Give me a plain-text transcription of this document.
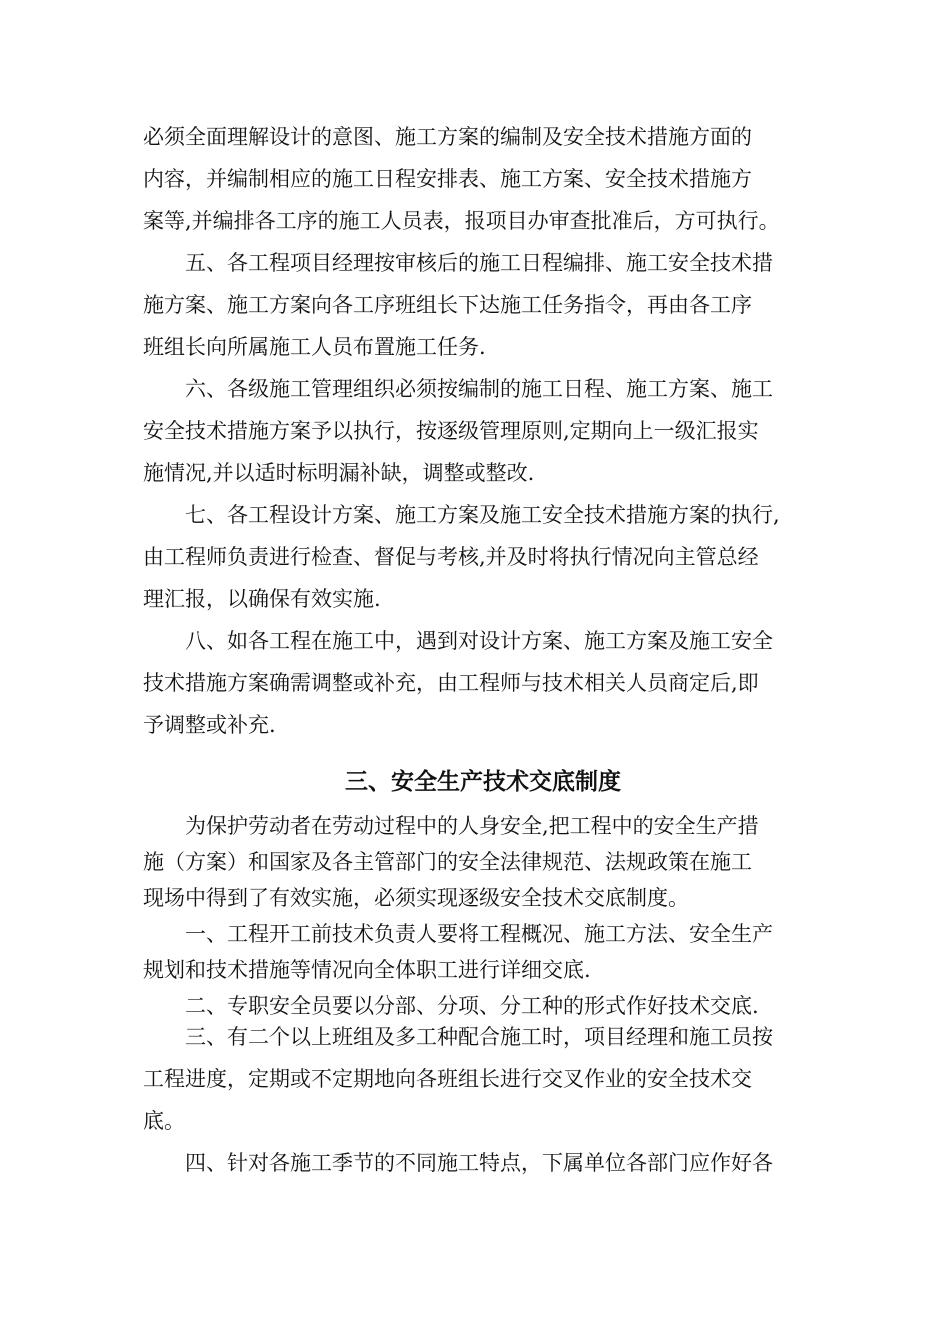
必须全面理解设计的意图、施工方案的编制及安全技术措施方面的
内容，并编制相应的施工日程安排表、施工方案、安全技术措施方
案等,并编排各工序的施工人员表，报项目办审查批准后，方可执行。
五、各工程项目经理按审核后的施工日程编排、施工安全技术措
施方案、施工方案向各工序班组长下达施工任务指令，再由各工序
班组长向所属施工人员布置施工任务.
六、各级施工管理组织必须按编制的施工日程、施工方案、施工
安全技术措施方案予以执行，按逐级管理原则,定期向上一级汇报实
施情况,并以适时标明漏补缺，调整或整改.
七、各工程设计方案、施工方案及施工安全技术措施方案的执行,
由工程师负责进行检查、督促与考核,并及时将执行情况向主管总经
理汇报，以确保有效实施.
八、如各工程在施工中，遇到对设计方案、施工方案及施工安全
技术措施方案确需调整或补充，由工程师与技术相关人员商定后,即
予调整或补充.
三、安全生产技术交底制度
为保护劳动者在劳动过程中的人身安全,把工程中的安全生产措
施（方案）和国家及各主管部门的安全法律规范、法规政策在施工
现场中得到了有效实施，必须实现逐级安全技术交底制度。
一、工程开工前技术负责人要将工程概况、施工方法、安全生产
规划和技术措施等情况向全体职工进行详细交底.
二、专职安全员要以分部、分项、分工种的形式作好技术交底.
三、有二个以上班组及多工种配合施工时，项目经理和施工员按
工程进度，定期或不定期地向各班组长进行交叉作业的安全技术交
底。
四、针对各施工季节的不同施工特点，下属单位各部门应作好各
